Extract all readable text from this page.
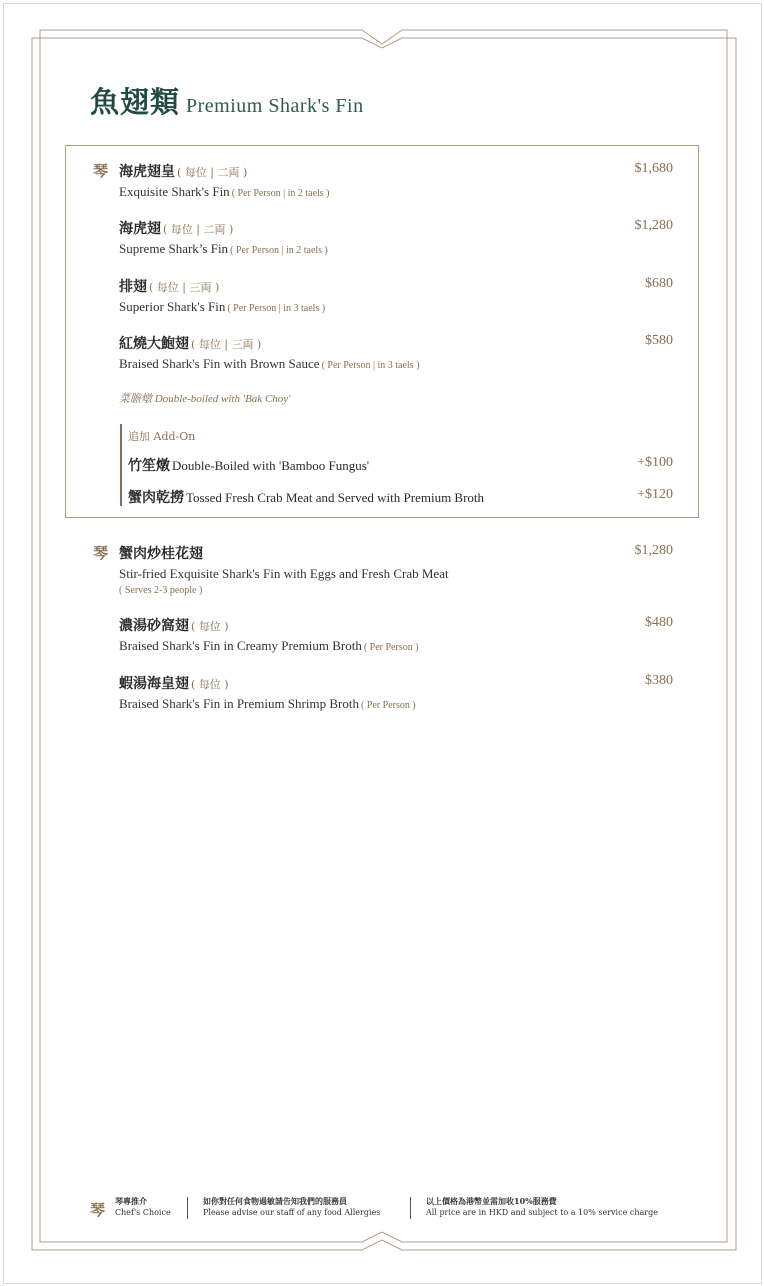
魚翅類 Premium Shark's Fin
琴 海虎翅皇 ( 每位 | 二両 )
Exquisite Shark's Fin ( Per Person | in 2 taels )
$1,680
海虎翅 ( 每位 | 二両 )
Supreme Shark’s Fin ( Per Person | in 2 taels )
$1,280
排翅 ( 每位 | 三両 )
Superior Shark's Fin ( Per Person | in 3 taels )
$680
紅燒大鮑翅 ( 每位 | 三両 )
Braised Shark's Fin with Brown Sauce ( Per Person | in 3 taels )
$580
菜膽燉 Double-boiled with 'Bak Choy'
追加 Add-On
竹笙燉 Double-Boiled with 'Bamboo Fungus'	+$100
蟹肉乾撈 Tossed Fresh Crab Meat and Served with Premium Broth	+$120
琴 蟹肉炒桂花翅
Stir-fried Exquisite Shark's Fin with Eggs and Fresh Crab Meat
( Serves 2-3 people )
$1,280
濃湯砂窩翅 ( 每位 )
Braised Shark's Fin in Creamy Premium Broth ( Per Person )
$480
蝦湯海皇翅 ( 每位 )
Braised Shark's Fin in Premium Shrimp Broth ( Per Person )
$380
琴 琴專推介
Chef's Choice
如你對任何食物過敏請告知我們的服務員
Please advise our staff of any food Allergies
以上價格為港幣並需加收10%服務費
All price are in HKD and subject to a 10% service charge
